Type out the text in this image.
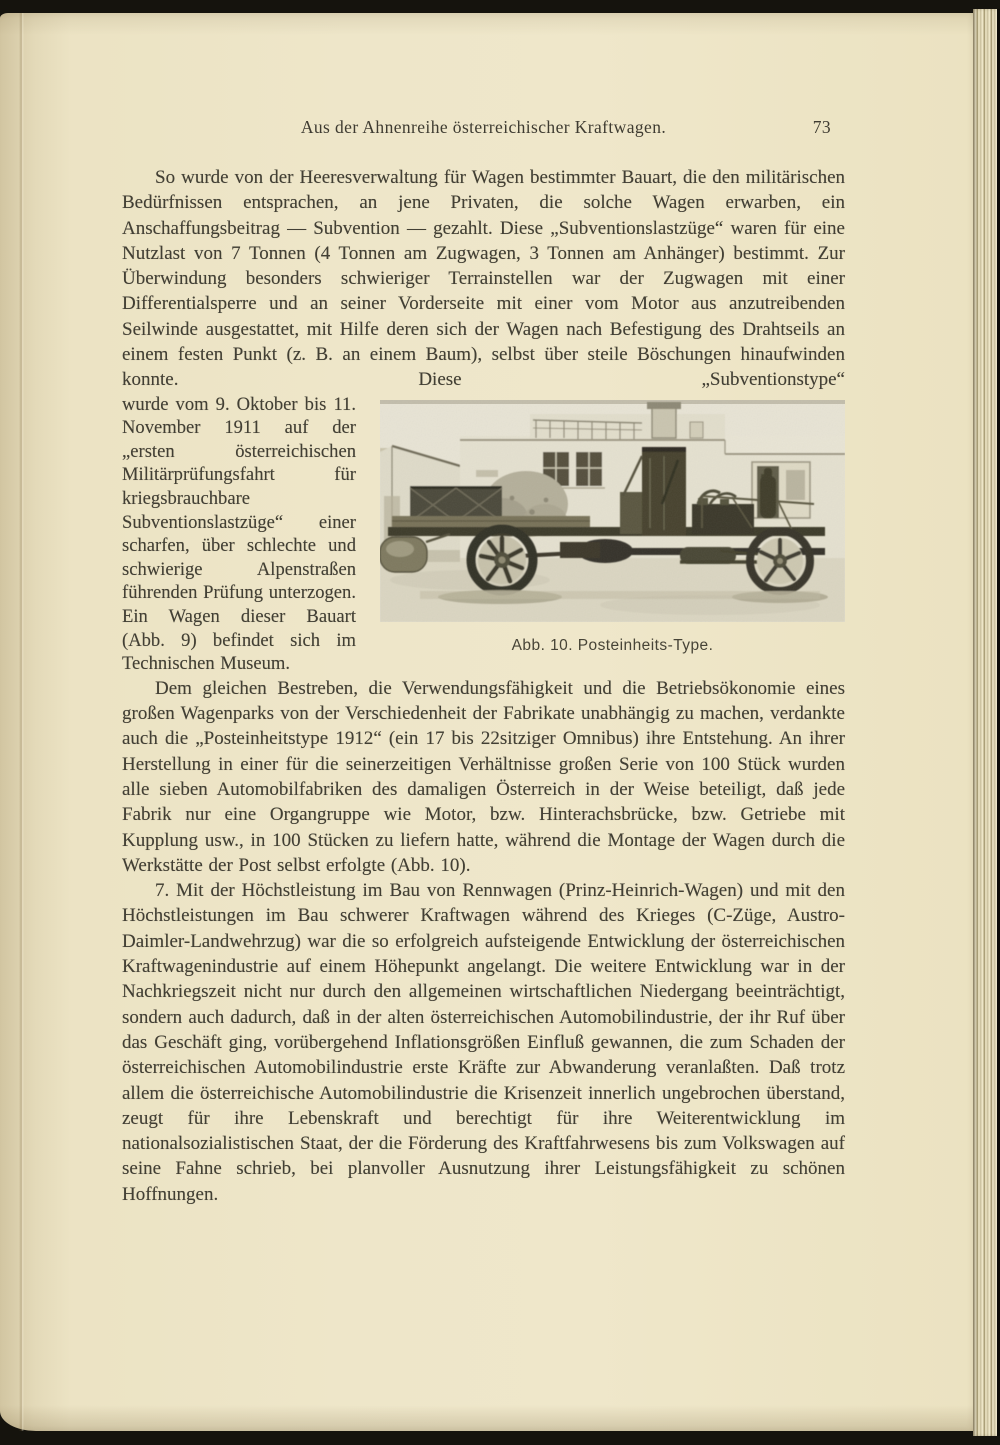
Aus der Ahnenreihe österreichischer Kraftwagen.	73

So wurde von der Heeresverwaltung für Wagen bestimmter Bauart, die den militärischen Bedürfnissen entsprachen, an jene Privaten, die solche Wagen erwarben, ein Anschaffungsbeitrag — Subvention — gezahlt. Diese „Subventionslastzüge“ waren für eine Nutzlast von 7 Tonnen (4 Tonnen am Zugwagen, 3 Tonnen am Anhänger) bestimmt. Zur Überwindung besonders schwieriger Terrainstellen war der Zugwagen mit einer Differentialsperre und an seiner Vorderseite mit einer vom Motor aus anzutreibenden Seilwinde ausgestattet, mit Hilfe deren sich der Wagen nach Befestigung des Drahtseils an einem festen Punkt (z. B. an einem Baum), selbst über steile Böschungen hinaufwinden konnte. Diese „Subventionstype“

wurde vom 9. Oktober bis 11. November 1911 auf der „ersten österreichischen Militärprüfungsfahrt für kriegsbrauchbare Subventionslastzüge“ einer scharfen, über schlechte und schwierige Alpenstraßen führenden Prüfung unterzogen. Ein Wagen dieser Bauart (Abb. 9) befindet sich im Technischen Museum.

Abb. 10. Posteinheits-Type.

Dem gleichen Bestreben, die Verwendungsfähigkeit und die Betriebsökonomie eines großen Wagenparks von der Verschiedenheit der Fabrikate unabhängig zu machen, verdankte auch die „Posteinheitstype 1912“ (ein 17 bis 22sitziger Omnibus) ihre Entstehung. An ihrer Herstellung in einer für die seinerzeitigen Verhältnisse großen Serie von 100 Stück wurden alle sieben Automobilfabriken des damaligen Österreich in der Weise beteiligt, daß jede Fabrik nur eine Organgruppe wie Motor, bzw. Hinterachsbrücke, bzw. Getriebe mit Kupplung usw., in 100 Stücken zu liefern hatte, während die Montage der Wagen durch die Werkstätte der Post selbst erfolgte (Abb. 10).

7. Mit der Höchstleistung im Bau von Rennwagen (Prinz-Heinrich-Wagen) und mit den Höchstleistungen im Bau schwerer Kraftwagen während des Krieges (C-Züge, Austro-Daimler-Landwehrzug) war die so erfolgreich aufsteigende Entwicklung der österreichischen Kraftwagenindustrie auf einem Höhepunkt angelangt. Die weitere Entwicklung war in der Nachkriegszeit nicht nur durch den allgemeinen wirtschaftlichen Niedergang beeinträchtigt, sondern auch dadurch, daß in der alten österreichischen Automobilindustrie, der ihr Ruf über das Geschäft ging, vorübergehend Inflationsgrößen Einfluß gewannen, die zum Schaden der österreichischen Automobilindustrie erste Kräfte zur Abwanderung veranlaßten. Daß trotz allem die österreichische Automobilindustrie die Krisenzeit innerlich ungebrochen überstand, zeugt für ihre Lebenskraft und berechtigt für ihre Weiterentwicklung im nationalsozialistischen Staat, der die Förderung des Kraftfahrwesens bis zum Volkswagen auf seine Fahne schrieb, bei planvoller Ausnutzung ihrer Leistungsfähigkeit zu schönen Hoffnungen.
